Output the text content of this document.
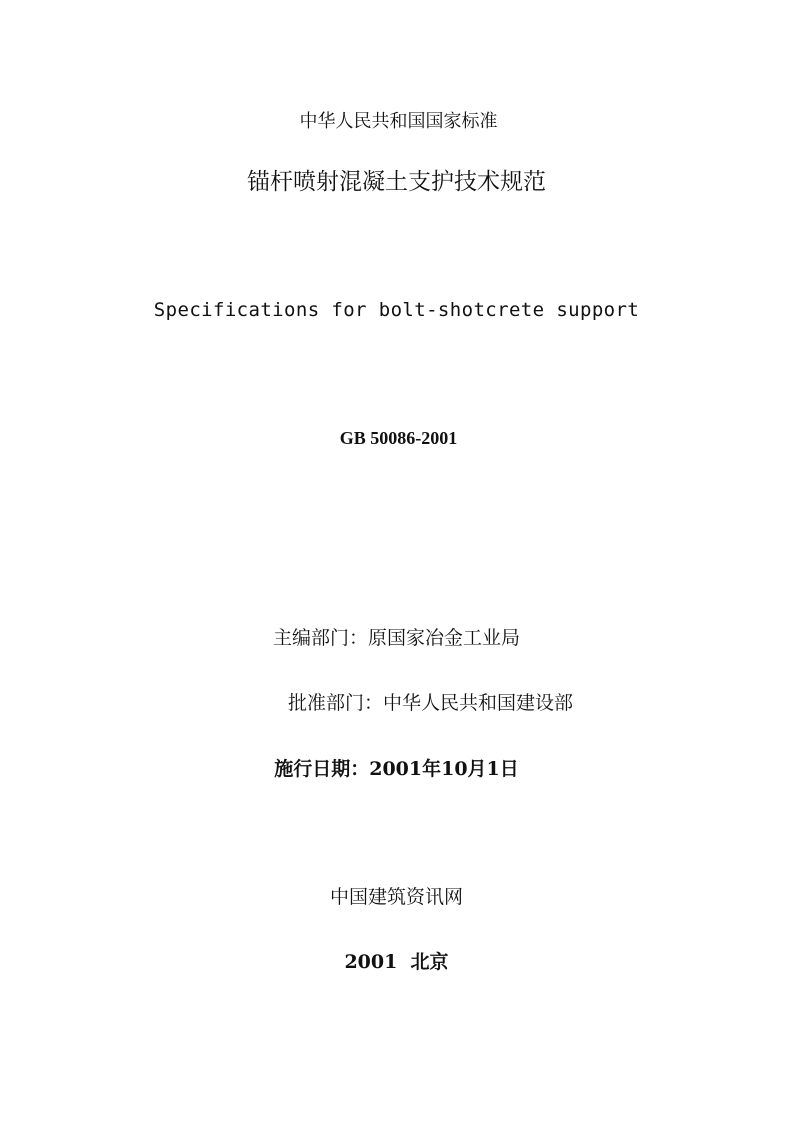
中华人民共和国国家标准
锚杆喷射混凝土支护技术规范
Specifications for bolt-shotcrete support
GB 50086-2001
主编部门：原国家冶金工业局
批准部门：中华人民共和国建设部
施行日期：2001年10月1日
中国建筑资讯网
2001  北京
